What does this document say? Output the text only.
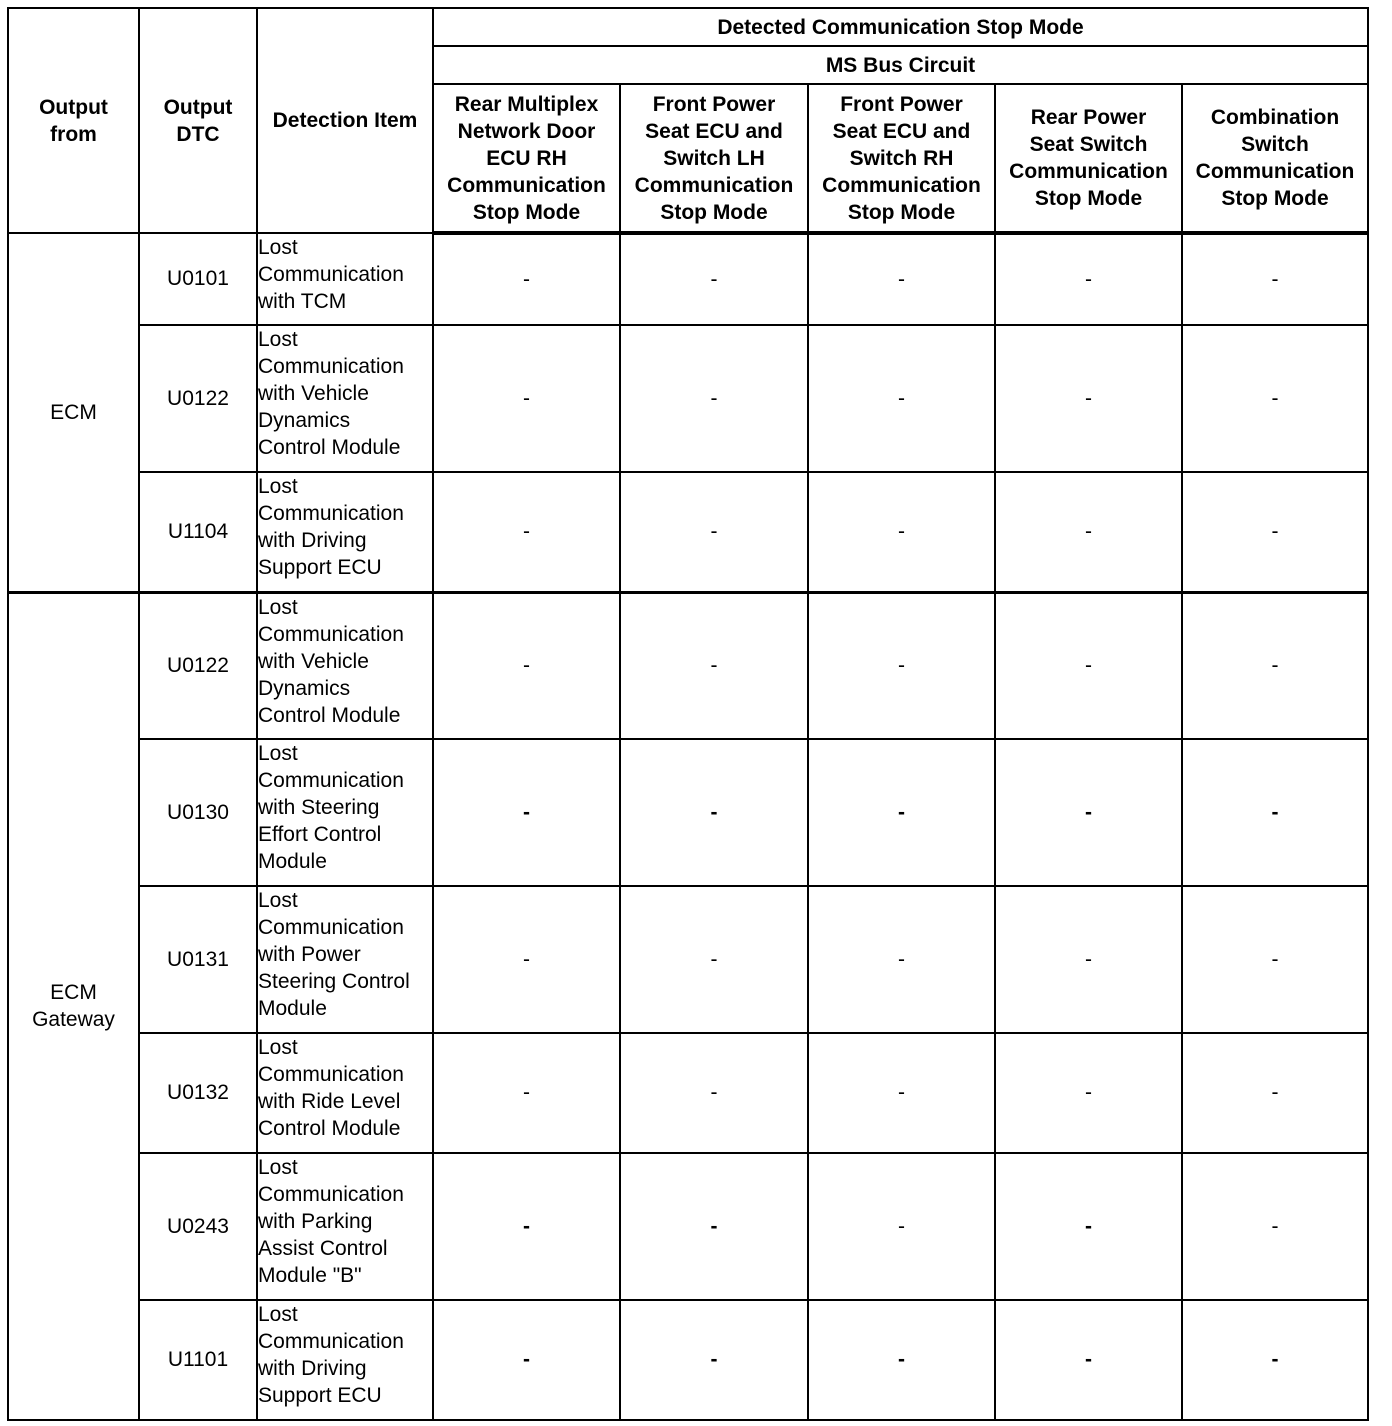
Output
from	Output
DTC	Detection Item	Detected Communication Stop Mode				
			MS Bus Circuit				
			Rear Multiplex
Network Door
ECU RH
Communication
Stop Mode	Front Power
Seat ECU and
Switch LH
Communication
Stop Mode	Front Power
Seat ECU and
Switch RH
Communication
Stop Mode	Rear Power
Seat Switch
Communication
Stop Mode	Combination
Switch
Communication
Stop Mode
ECM	U0101	Lost
Communication
with TCM	-	-	-	-	-
	U0122	Lost
Communication
with Vehicle
Dynamics
Control Module	-	-	-	-	-
	U1104	Lost
Communication
with Driving
Support ECU	-	-	-	-	-
ECM
Gateway	U0122	Lost
Communication
with Vehicle
Dynamics
Control Module	-	-	-	-	-
	U0130	Lost
Communication
with Steering
Effort Control
Module	-	-	-	-	-
	U0131	Lost
Communication
with Power
Steering Control
Module	-	-	-	-	-
	U0132	Lost
Communication
with Ride Level
Control Module	-	-	-	-	-
	U0243	Lost
Communication
with Parking
Assist Control
Module "B"	-	-	-	-	-
	U1101	Lost
Communication
with Driving
Support ECU	-	-	-	-	-
